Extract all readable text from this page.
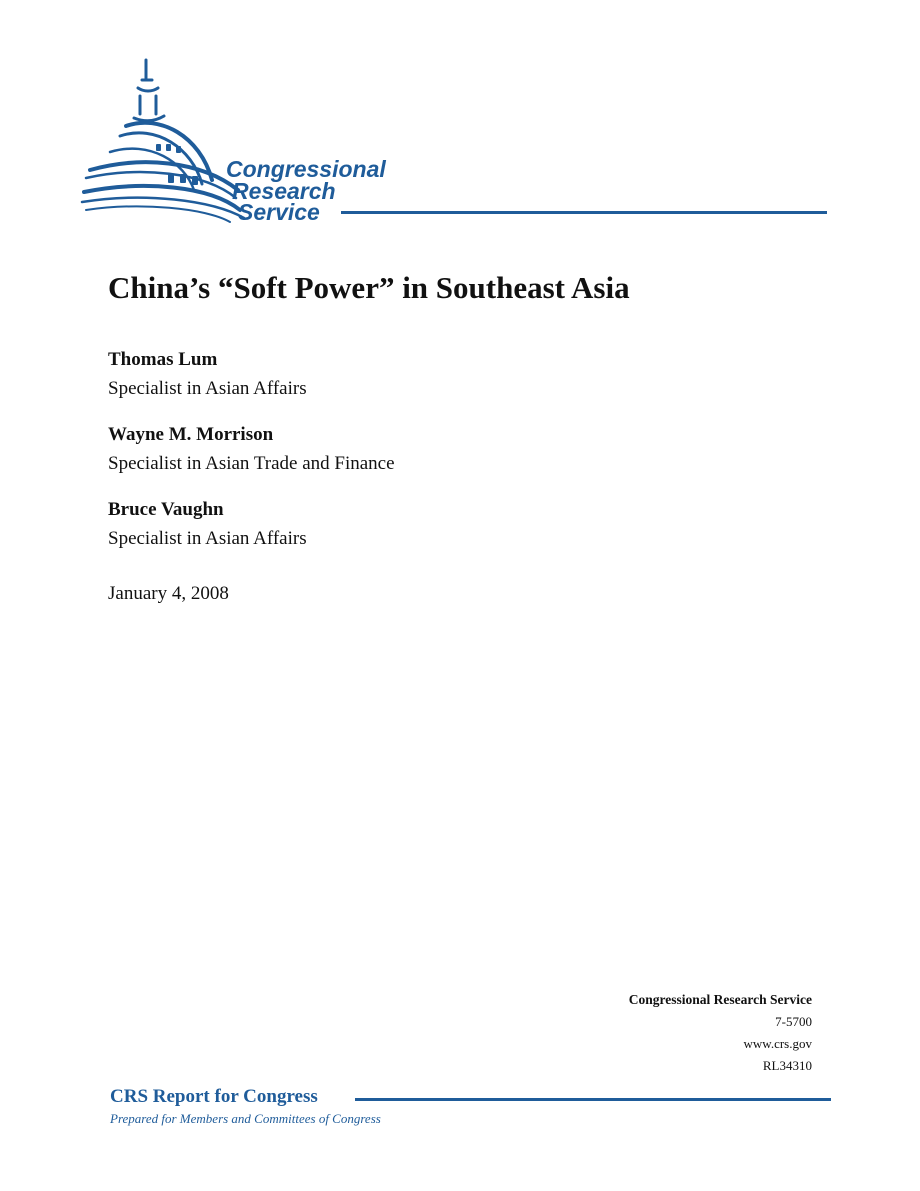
Congressional
Research
Service
China’s “Soft Power” in Southeast Asia
Thomas Lum
Specialist in Asian Affairs
Wayne M. Morrison
Specialist in Asian Trade and Finance
Bruce Vaughn
Specialist in Asian Affairs
January 4, 2008
Congressional Research Service
7-5700
www.crs.gov
RL34310
CRS Report for Congress
Prepared for Members and Committees of Congress
